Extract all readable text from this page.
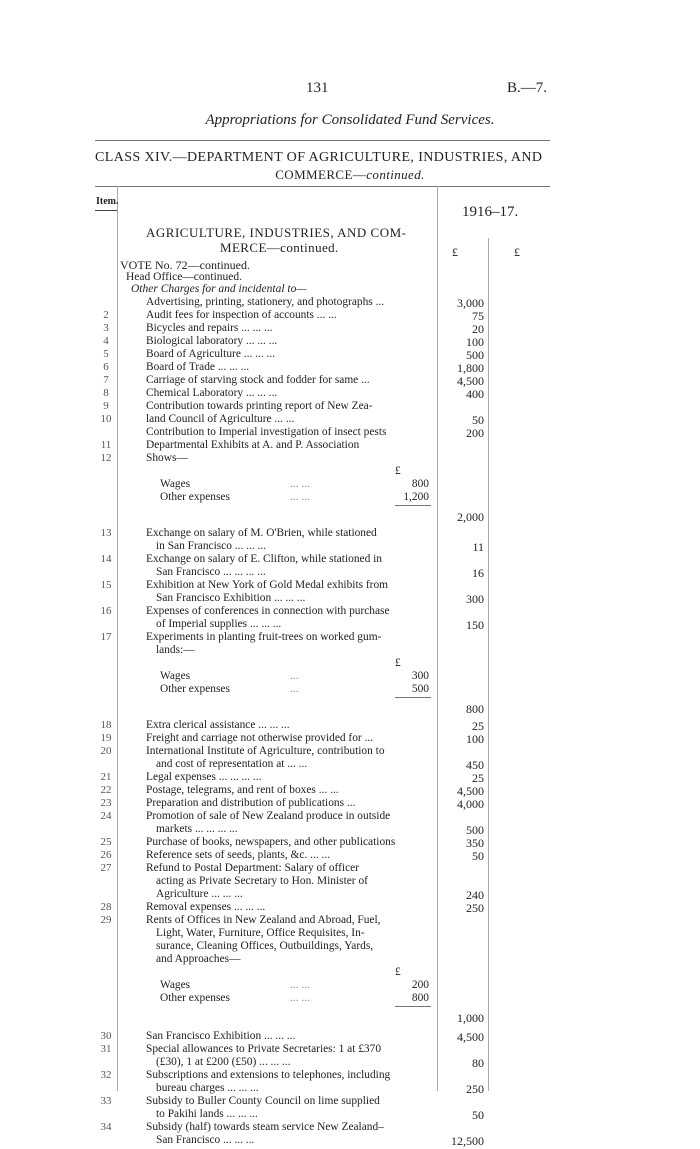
131	B.—7.
Appropriations for Consolidated Fund Services.
CLASS XIV.—DEPARTMENT OF AGRICULTURE, INDUSTRIES, AND
COMMERCE—continued.
Item.
1916–17.
£	£
AGRICULTURE, INDUSTRIES, AND COM-
MERCE—continued.
VOTE No. 72—continued.
Head Office—continued.
Other Charges for and incidental to—
Advertising, printing, stationery, and photographs ...	3,000
2	Audit fees for inspection of accounts ... ...	75
3	Bicycles and repairs ... ... ...	20
4	Biological laboratory ... ... ...	100
5	Board of Agriculture ... ... ...	500
6	Board of Trade ... ... ...	1,800
7	Carriage of starving stock and fodder for same ...	4,500
8	Chemical Laboratory ... ... ...	400
9	Contribution towards printing report of New Zea-
10	land Council of Agriculture ... ...	50
Contribution to Imperial investigation of insect pests	200
11	Departmental Exhibits at A. and P. Association
12	Shows—
£
Wages	... ...	800
Other expenses	... ...	1,200
2,000
13	Exchange on salary of M. O'Brien, while stationed
in San Francisco ... ... ...	11
14	Exchange on salary of E. Clifton, while stationed in
San Francisco ... ... ... ...	16
15	Exhibition at New York of Gold Medal exhibits from
San Francisco Exhibition ... ... ...	300
16	Expenses of conferences in connection with purchase
of Imperial supplies ... ... ...	150
17	Experiments in planting fruit-trees on worked gum-
lands:—
£
Wages	...	300
Other expenses	...	500
800
18	Extra clerical assistance ... ... ...	25
19	Freight and carriage not otherwise provided for ...	100
20	International Institute of Agriculture, contribution to
and cost of representation at ... ...	450
21	Legal expenses ... ... ... ...	25
22	Postage, telegrams, and rent of boxes ... ...	4,500
23	Preparation and distribution of publications ...	4,000
24	Promotion of sale of New Zealand produce in outside
markets ... ... ... ...	500
25	Purchase of books, newspapers, and other publications	350
26	Reference sets of seeds, plants, &c. ... ...	50
27	Refund to Postal Department: Salary of officer
acting as Private Secretary to Hon. Minister of
Agriculture ... ... ...	240
28	Removal expenses ... ... ...	250
29	Rents of Offices in New Zealand and Abroad, Fuel,
Light, Water, Furniture, Office Requisites, In-
surance, Cleaning Offices, Outbuildings, Yards,
and Approaches—
£
Wages	... ...	200
Other expenses	... ...	800
1,000
30	San Francisco Exhibition ... ... ...	4,500
31	Special allowances to Private Secretaries: 1 at £370
(£30), 1 at £200 (£50) ... ... ...	80
32	Subscriptions and extensions to telephones, including
bureau charges ... ... ...	250
33	Subsidy to Buller County Council on lime supplied
to Pakihi lands ... ... ...	50
34	Subsidy (half) towards steam service New Zealand–
San Francisco ... ... ...	12,500
